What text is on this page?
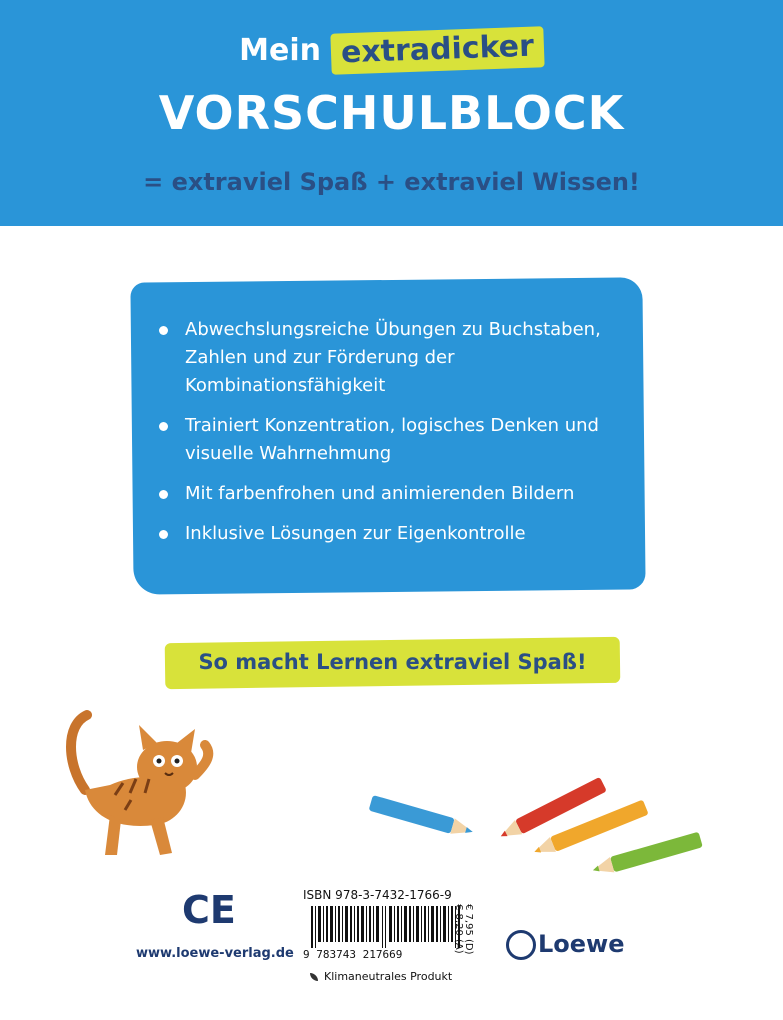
Mein extradicker
VORSCHULBLOCK
= extraviel Spaß + extraviel Wissen!
Abwechslungsreiche Übungen zu Buchstaben, Zahlen und zur Förderung der Kombinationsfähigkeit
Trainiert Konzentration, logisches Denken und visuelle Wahrnehmung
Mit farbenfrohen und animierenden Bildern
Inklusive Lösungen zur Eigenkontrolle
So macht Lernen extraviel Spaß!
CE
www.loewe-verlag.de
ISBN 978-3-7432-1766-9
9 783743 217669	€ 7,95 (D)
€ 8,20 (A)
Klimaneutrales Produkt
Loewe
